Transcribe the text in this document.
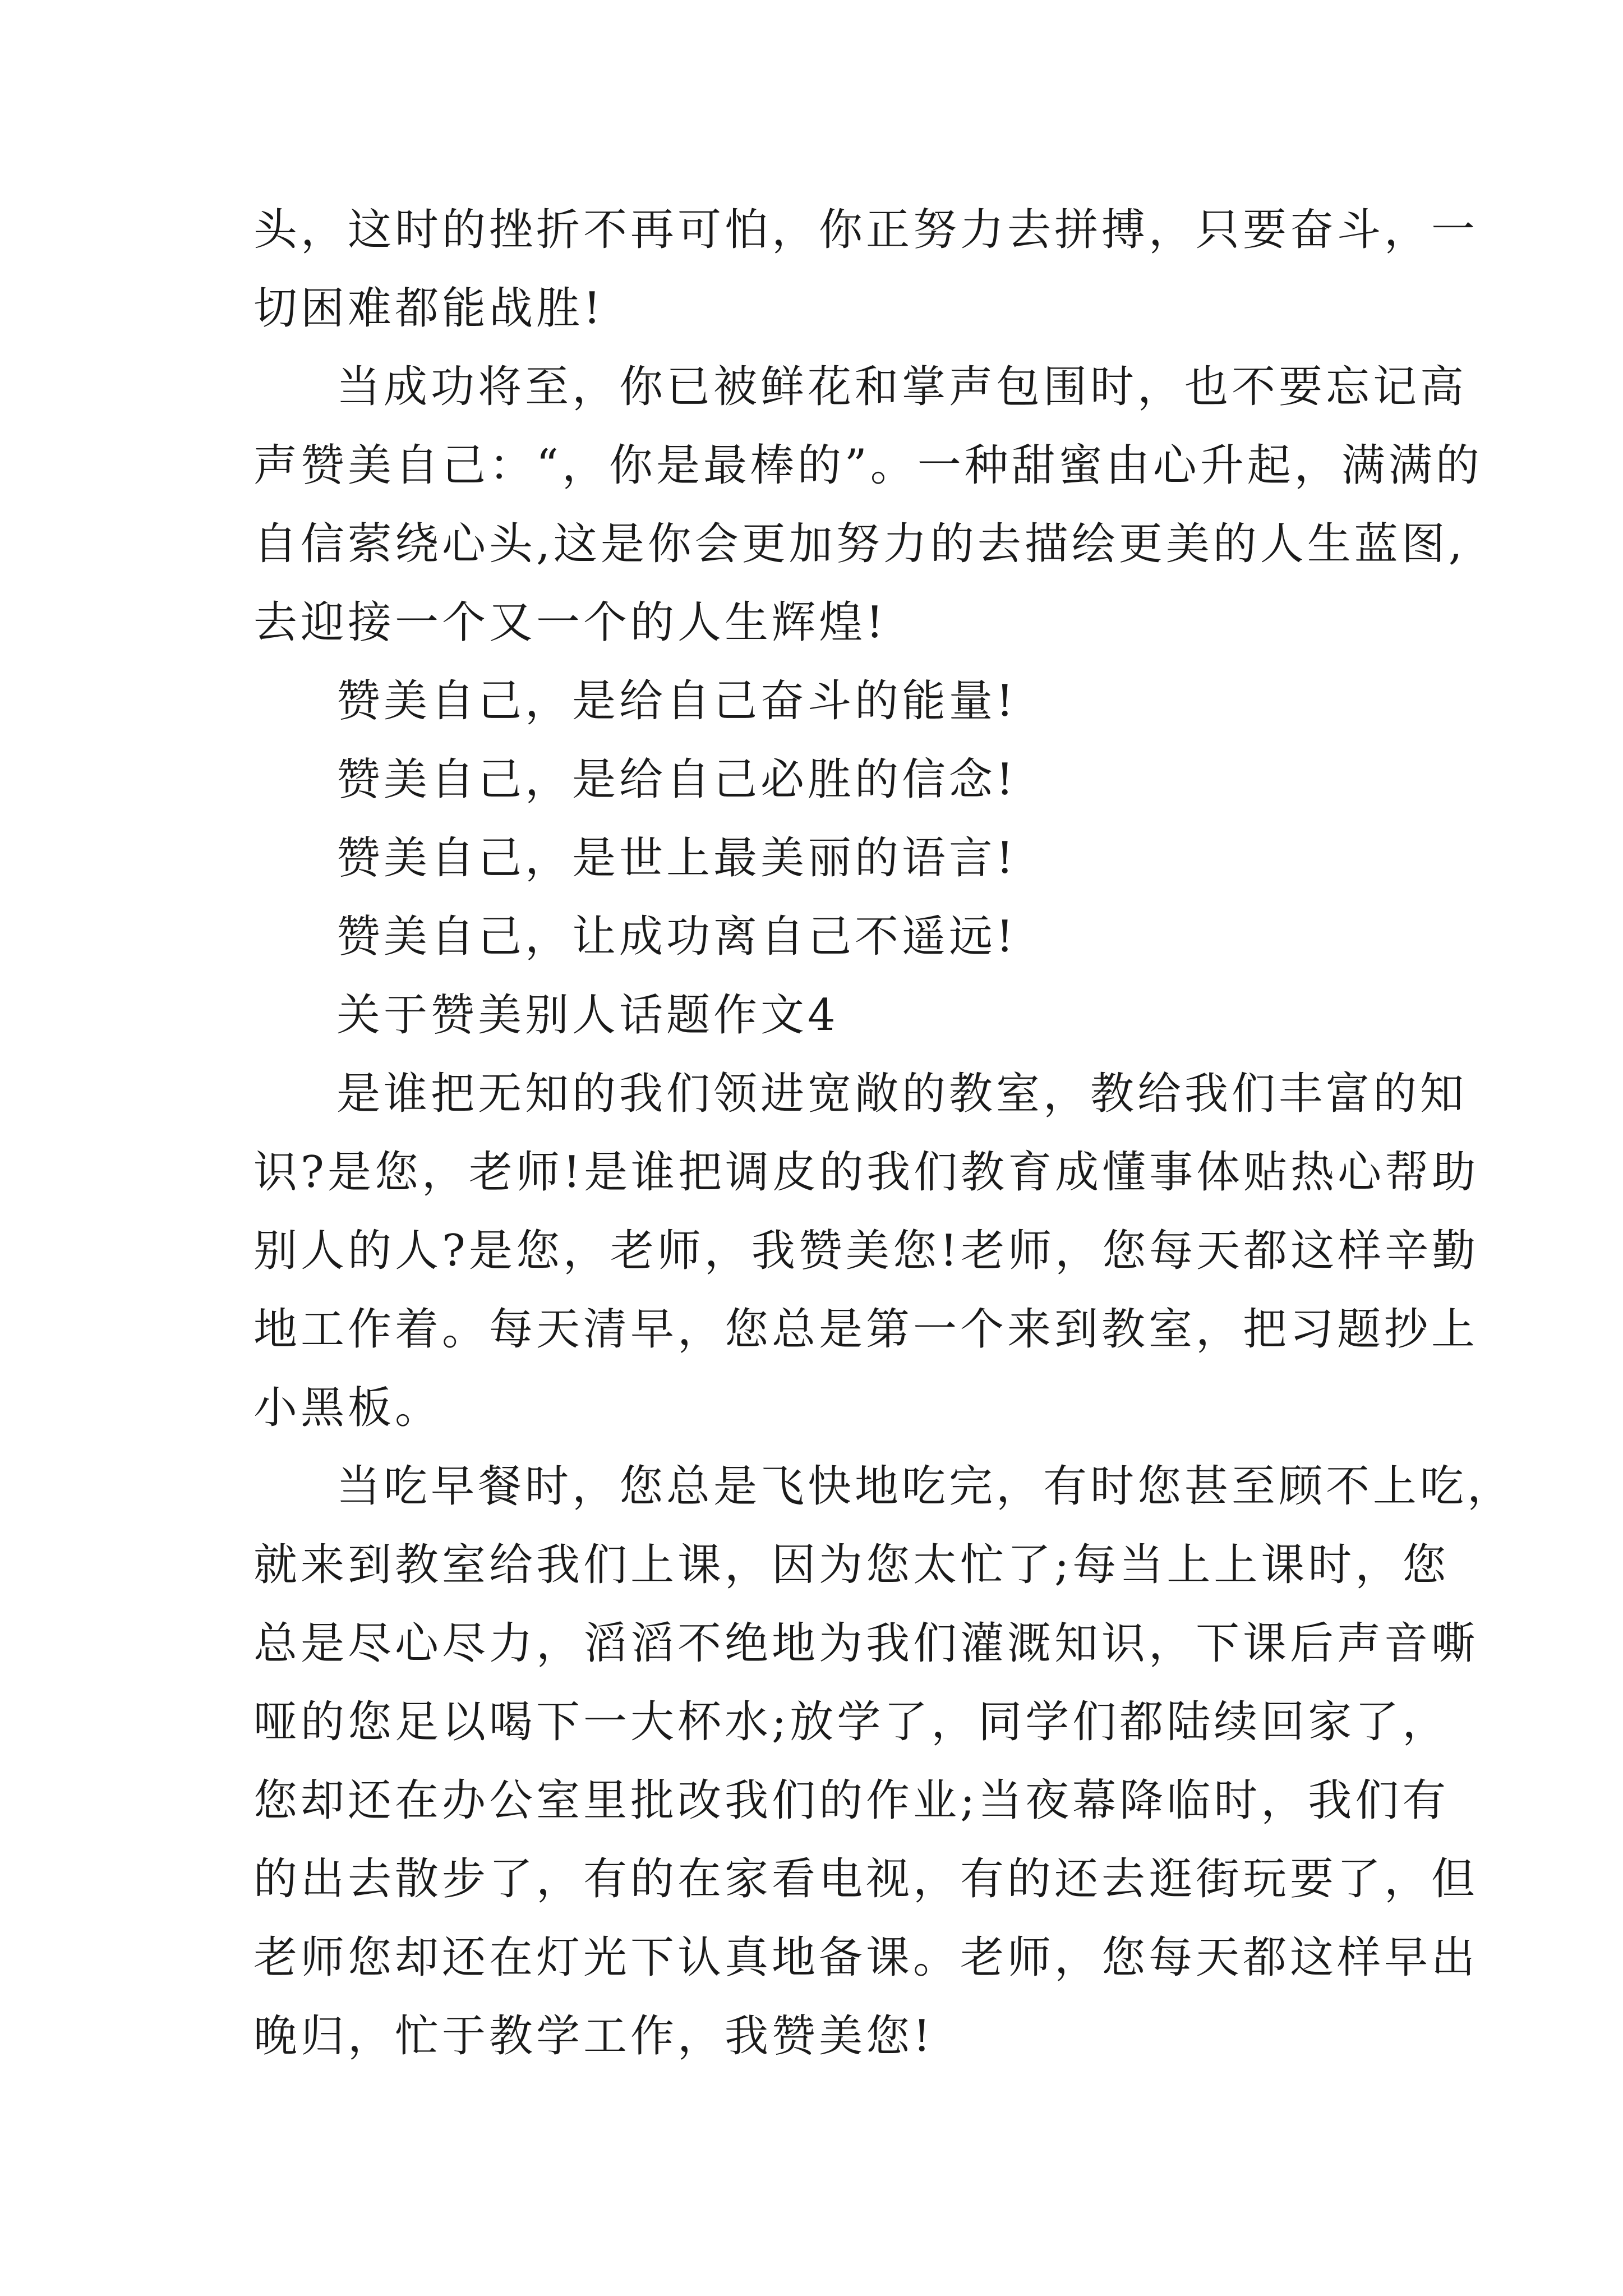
头，这时的挫折不再可怕，你正努力去拼搏，只要奋斗，一
切困难都能战胜!
当成功将至，你已被鲜花和掌声包围时，也不要忘记高
声赞美自己：“，你是最棒的”。一种甜蜜由心升起，满满的
自信萦绕心头,这是你会更加努力的去描绘更美的人生蓝图,
去迎接一个又一个的人生辉煌!
赞美自己，是给自己奋斗的能量!
赞美自己，是给自己必胜的信念!
赞美自己，是世上最美丽的语言!
赞美自己，让成功离自己不遥远!
关于赞美别人话题作文4
是谁把无知的我们领进宽敞的教室，教给我们丰富的知
识?是您，老师!是谁把调皮的我们教育成懂事体贴热心帮助
别人的人?是您，老师，我赞美您!老师，您每天都这样辛勤
地工作着。每天清早，您总是第一个来到教室，把习题抄上
小黑板。
当吃早餐时，您总是飞快地吃完，有时您甚至顾不上吃，
就来到教室给我们上课，因为您太忙了;每当上上课时，您
总是尽心尽力，滔滔不绝地为我们灌溉知识，下课后声音嘶
哑的您足以喝下一大杯水;放学了，同学们都陆续回家了，
您却还在办公室里批改我们的作业;当夜幕降临时，我们有
的出去散步了，有的在家看电视，有的还去逛街玩要了，但
老师您却还在灯光下认真地备课。老师，您每天都这样早出
晚归，忙于教学工作，我赞美您!
